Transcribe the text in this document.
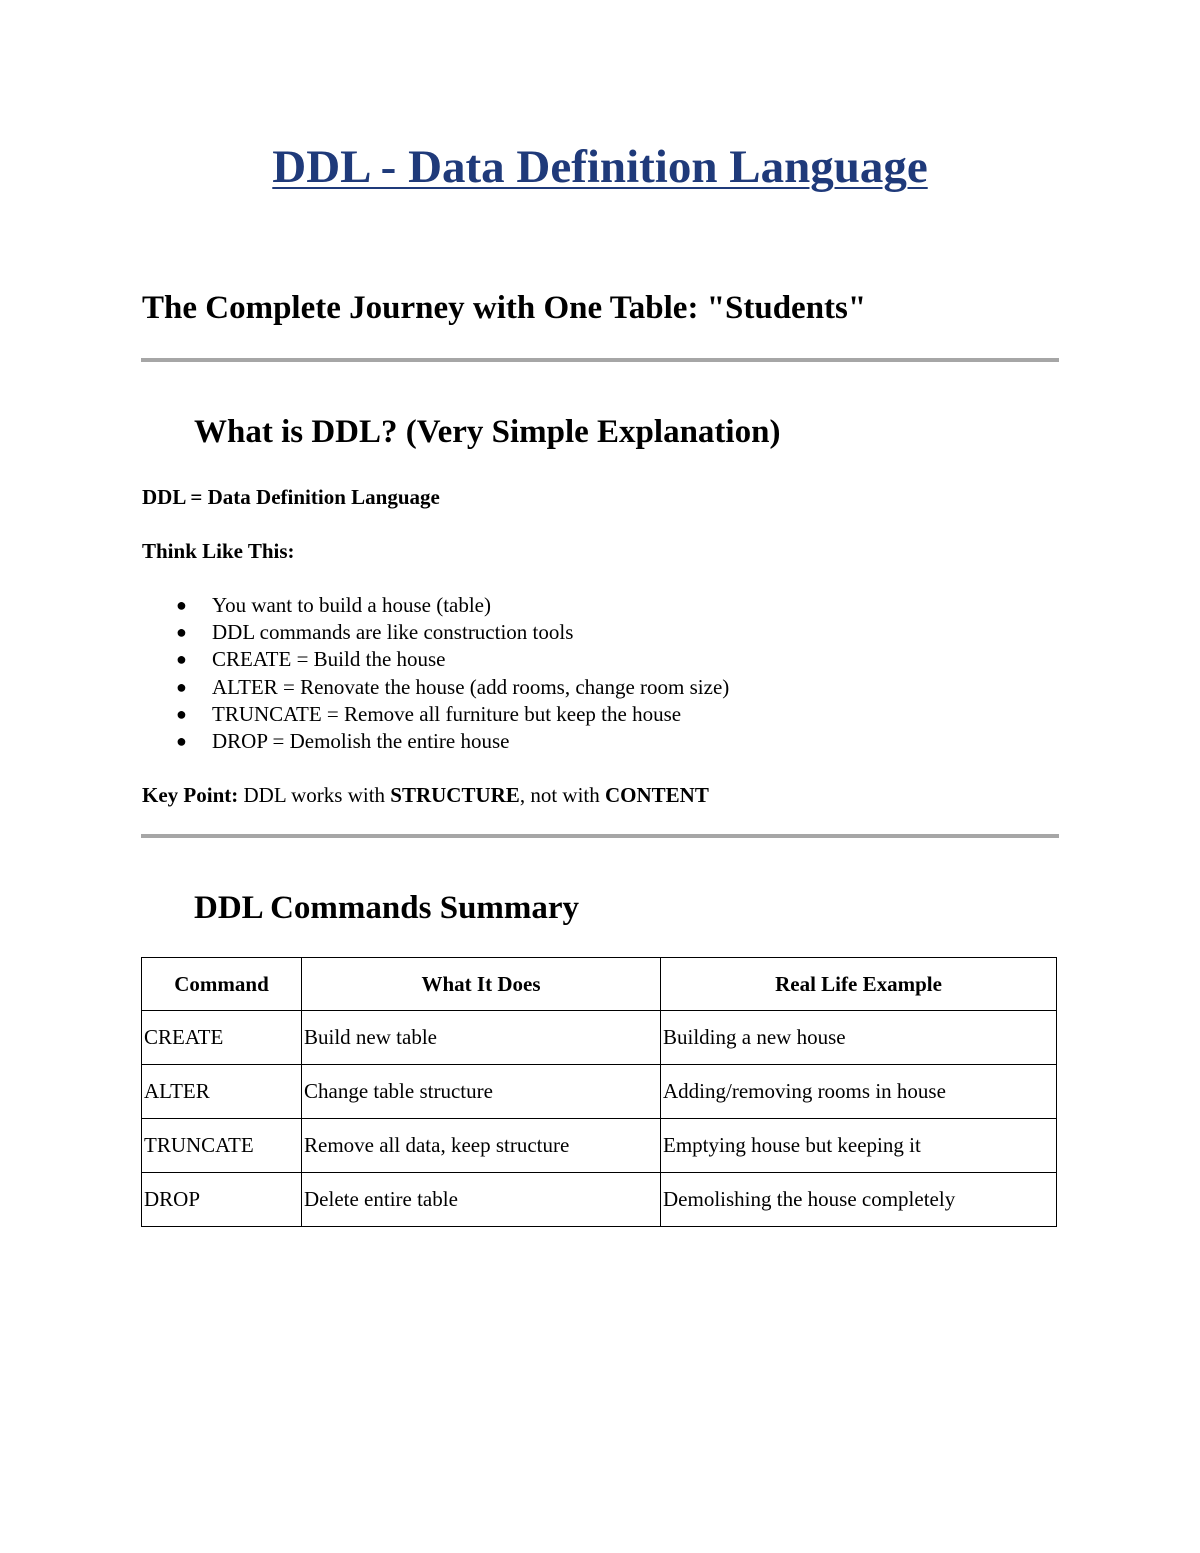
DDL - Data Definition Language
The Complete Journey with One Table: "Students"
What is DDL? (Very Simple Explanation)

DDL = Data Definition Language

Think Like This:

● You want to build a house (table)
● DDL commands are like construction tools
● CREATE = Build the house
● ALTER = Renovate the house (add rooms, change room size)
● TRUNCATE = Remove all furniture but keep the house
● DROP = Demolish the entire house

Key Point: DDL works with STRUCTURE, not with CONTENT

DDL Commands Summary
Command	What It Does	Real Life Example
CREATE	Build new table	Building a new house
ALTER	Change table structure	Adding/removing rooms in house
TRUNCATE	Remove all data, keep structure	Emptying house but keeping it
DROP	Delete entire table	Demolishing the house completely
